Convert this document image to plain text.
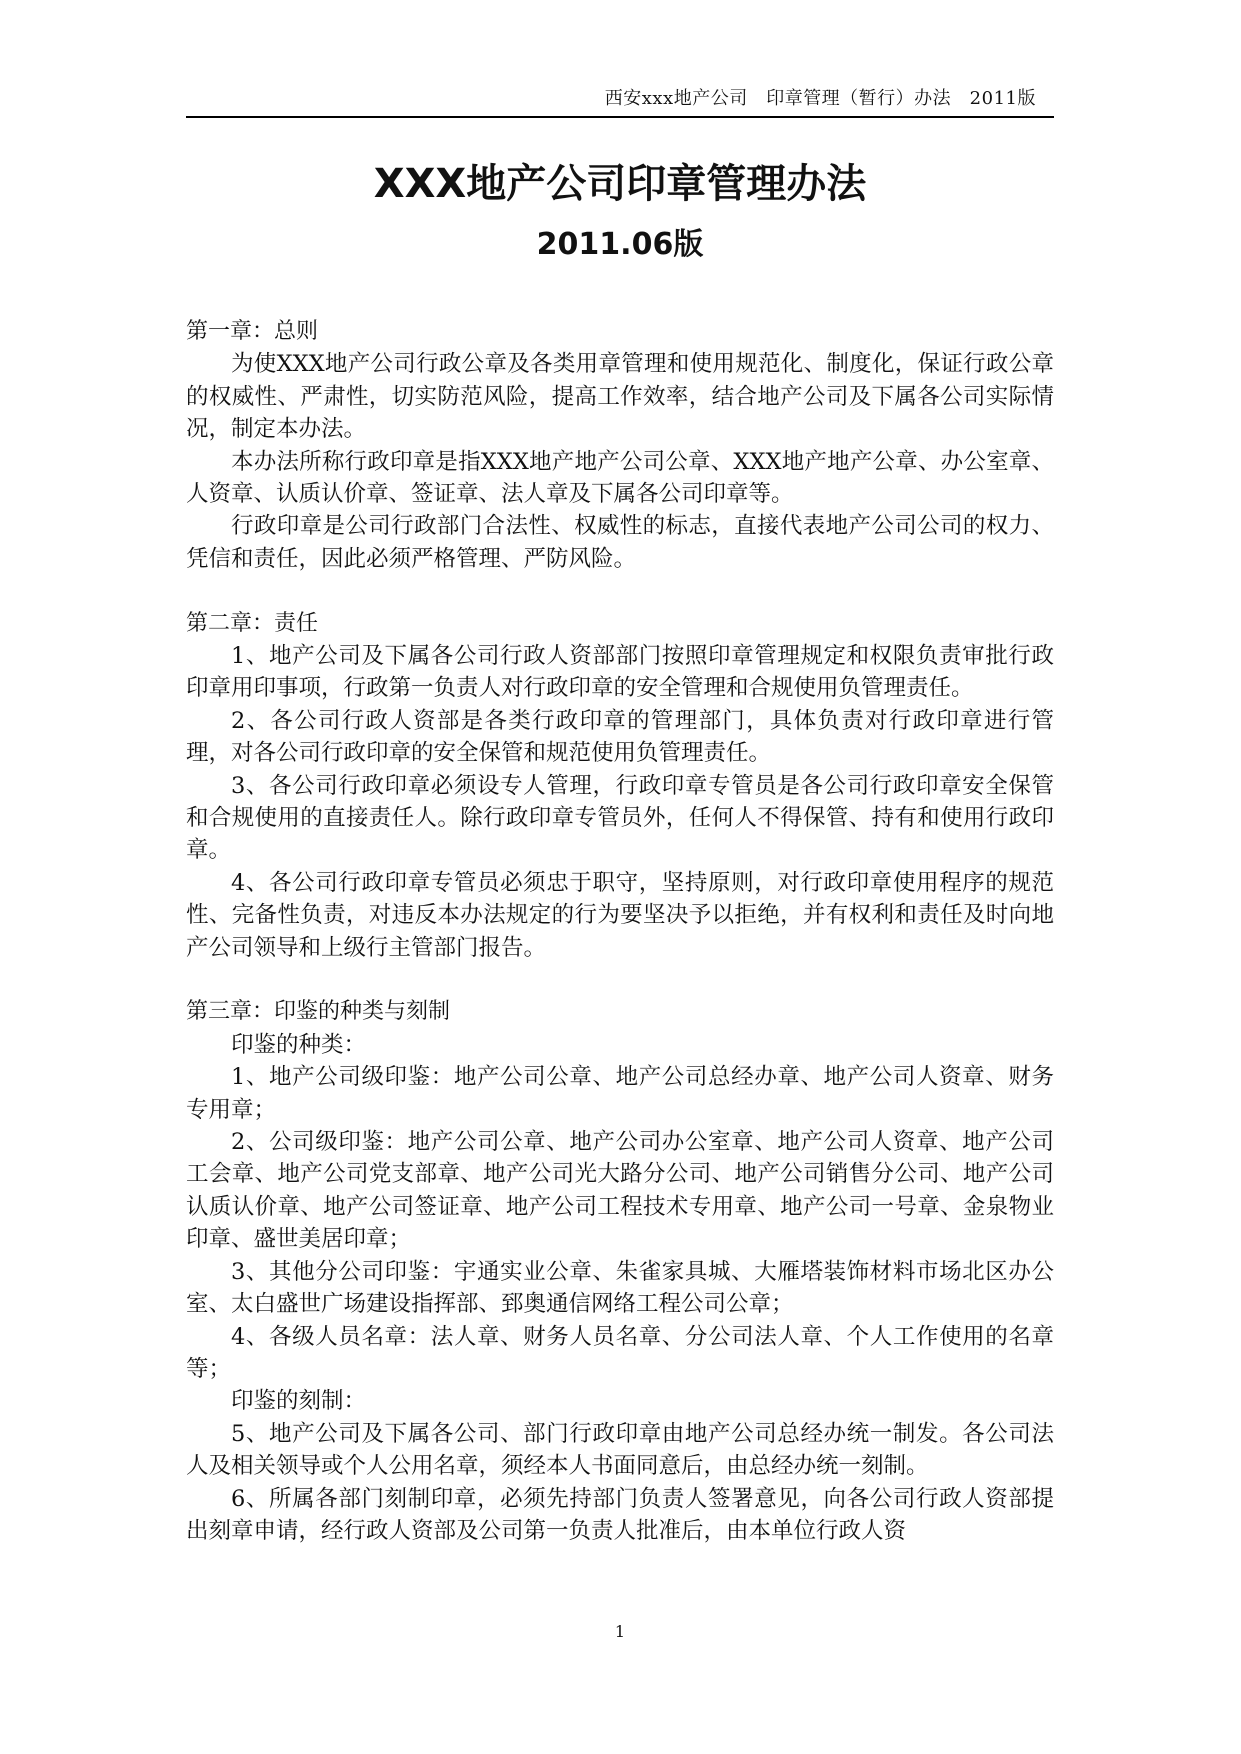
西安xxx地产公司　印章管理（暂行）办法　2011版
XXX地产公司印章管理办法
2011.06版
第一章：总则

为使XXX地产公司行政公章及各类用章管理和使用规范化、制度化，保证行政公章的权威性、严肃性，切实防范风险，提高工作效率，结合地产公司及下属各公司实际情况，制定本办法。

本办法所称行政印章是指XXX地产地产公司公章、XXX地产地产公章、办公室章、人资章、认质认价章、签证章、法人章及下属各公司印章等。

行政印章是公司行政部门合法性、权威性的标志，直接代表地产公司公司的权力、凭信和责任，因此必须严格管理、严防风险。

第二章：责任

1、地产公司及下属各公司行政人资部部门按照印章管理规定和权限负责审批行政印章用印事项，行政第一负责人对行政印章的安全管理和合规使用负管理责任。

2、各公司行政人资部是各类行政印章的管理部门，具体负责对行政印章进行管理，对各公司行政印章的安全保管和规范使用负管理责任。

3、各公司行政印章必须设专人管理，行政印章专管员是各公司行政印章安全保管和合规使用的直接责任人。除行政印章专管员外，任何人不得保管、持有和使用行政印章。

4、各公司行政印章专管员必须忠于职守，坚持原则，对行政印章使用程序的规范性、完备性负责，对违反本办法规定的行为要坚决予以拒绝，并有权利和责任及时向地产公司领导和上级行主管部门报告。

第三章：印鉴的种类与刻制

印鉴的种类：

1、地产公司级印鉴：地产公司公章、地产公司总经办章、地产公司人资章、财务专用章；

2、公司级印鉴：地产公司公章、地产公司办公室章、地产公司人资章、地产公司工会章、地产公司党支部章、地产公司光大路分公司、地产公司销售分公司、地产公司认质认价章、地产公司签证章、地产公司工程技术专用章、地产公司一号章、金泉物业印章、盛世美居印章；

3、其他分公司印鉴：宇通实业公章、朱雀家具城、大雁塔装饰材料市场北区办公室、太白盛世广场建设指挥部、郅奥通信网络工程公司公章；

4、各级人员名章：法人章、财务人员名章、分公司法人章、个人工作使用的名章等；

印鉴的刻制：

5、地产公司及下属各公司、部门行政印章由地产公司总经办统一制发。各公司法人及相关领导或个人公用名章，须经本人书面同意后，由总经办统一刻制。

6、所属各部门刻制印章，必须先持部门负责人签署意见，向各公司行政人资部提出刻章申请，经行政人资部及公司第一负责人批准后，由本单位行政人资

1
